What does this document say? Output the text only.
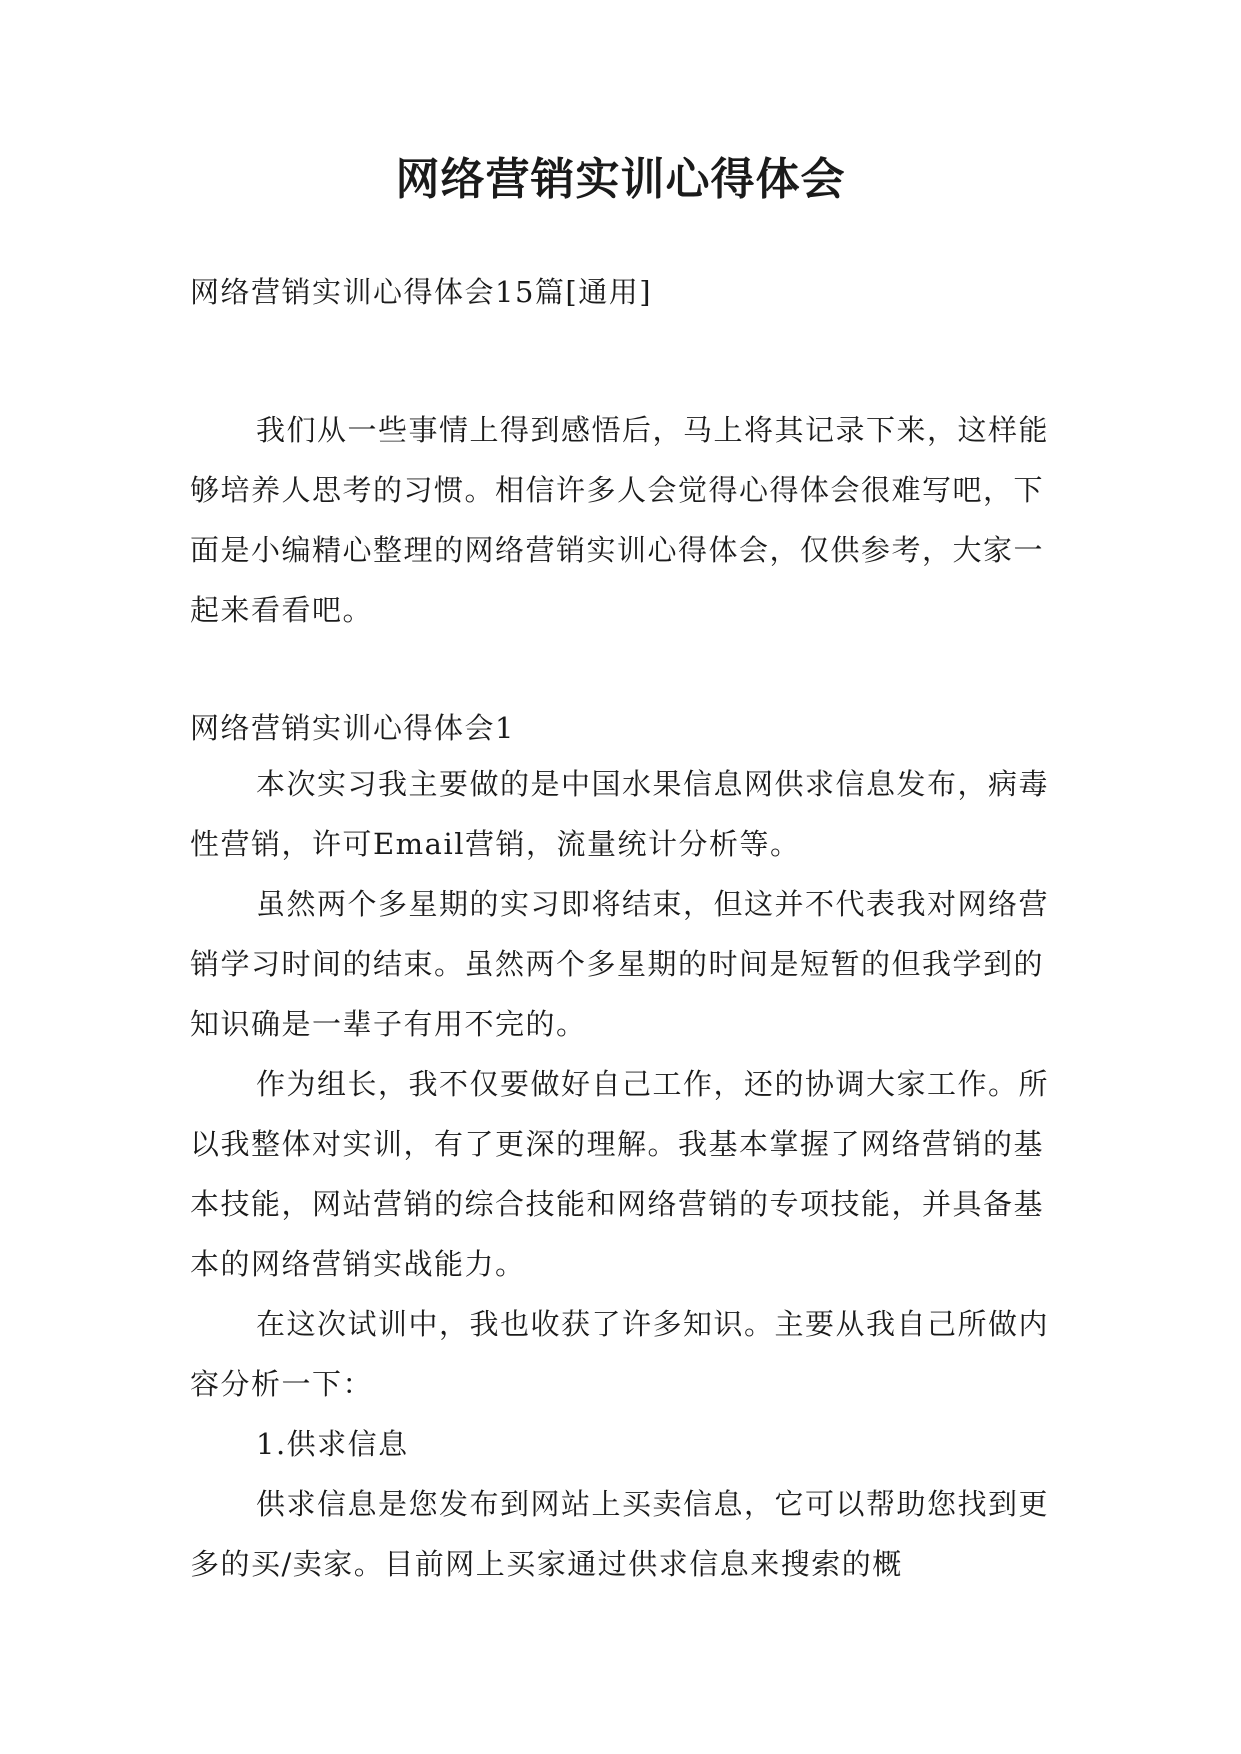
网络营销实训心得体会

网络营销实训心得体会15篇[通用]

我们从一些事情上得到感悟后，马上将其记录下来，这样能够培养人思考的习惯。相信许多人会觉得心得体会很难写吧，下面是小编精心整理的网络营销实训心得体会，仅供参考，大家一起来看看吧。

网络营销实训心得体会1

本次实习我主要做的是中国水果信息网供求信息发布，病毒性营销，许可Email营销，流量统计分析等。

虽然两个多星期的实习即将结束，但这并不代表我对网络营销学习时间的结束。虽然两个多星期的时间是短暂的但我学到的知识确是一辈子有用不完的。

作为组长，我不仅要做好自己工作，还的协调大家工作。所以我整体对实训，有了更深的理解。我基本掌握了网络营销的基本技能，网站营销的综合技能和网络营销的专项技能，并具备基本的网络营销实战能力。

在这次试训中，我也收获了许多知识。主要从我自己所做内容分析一下：

1.供求信息

供求信息是您发布到网站上买卖信息，它可以帮助您找到更多的买/卖家。目前网上买家通过供求信息来搜索的概
